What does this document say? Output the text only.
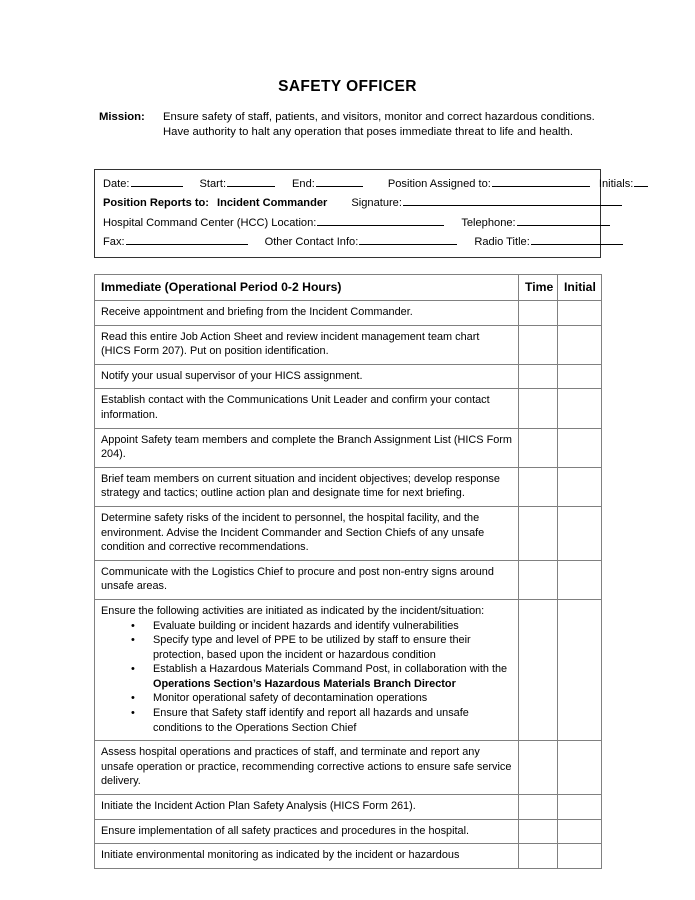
SAFETY OFFICER
Mission:	Ensure safety of staff, patients, and visitors, monitor and correct hazardous conditions. Have authority to halt any operation that poses immediate threat to life and health.
Date:	Start:	End:	Position Assigned to:	Initials:
Position Reports to: Incident Commander Signature:
Hospital Command Center (HCC) Location:	Telephone:
Fax:	Other Contact Info:	Radio Title:
Immediate (Operational Period 0-2 Hours)	Time	Initial

Receive appointment and briefing from the Incident Commander.		

Read this entire Job Action Sheet and review incident management team chart (HICS Form 207). Put on position identification.		

Notify your usual supervisor of your HICS assignment.		

Establish contact with the Communications Unit Leader and confirm your contact information.		

Appoint Safety team members and complete the Branch Assignment List (HICS Form 204).		

Brief team members on current situation and incident objectives; develop response strategy and tactics; outline action plan and designate time for next briefing.		

Determine safety risks of the incident to personnel, the hospital facility, and the environment. Advise the Incident Commander and Section Chiefs of any unsafe condition and corrective recommendations.		

Communicate with the Logistics Chief to procure and post non-entry signs around unsafe areas.		

Ensure the following activities are initiated as indicated by the incident/situation:
• Evaluate building or incident hazards and identify vulnerabilities
• Specify type and level of PPE to be utilized by staff to ensure their protection, based upon the incident or hazardous condition
• Establish a Hazardous Materials Command Post, in collaboration with the Operations Section’s Hazardous Materials Branch Director
• Monitor operational safety of decontamination operations
• Ensure that Safety staff identify and report all hazards and unsafe conditions to the Operations Section Chief

Assess hospital operations and practices of staff, and terminate and report any unsafe operation or practice, recommending corrective actions to ensure safe service delivery.		

Initiate the Incident Action Plan Safety Analysis (HICS Form 261).		

Ensure implementation of all safety practices and procedures in the hospital.		

Initiate environmental monitoring as indicated by the incident or hazardous		
